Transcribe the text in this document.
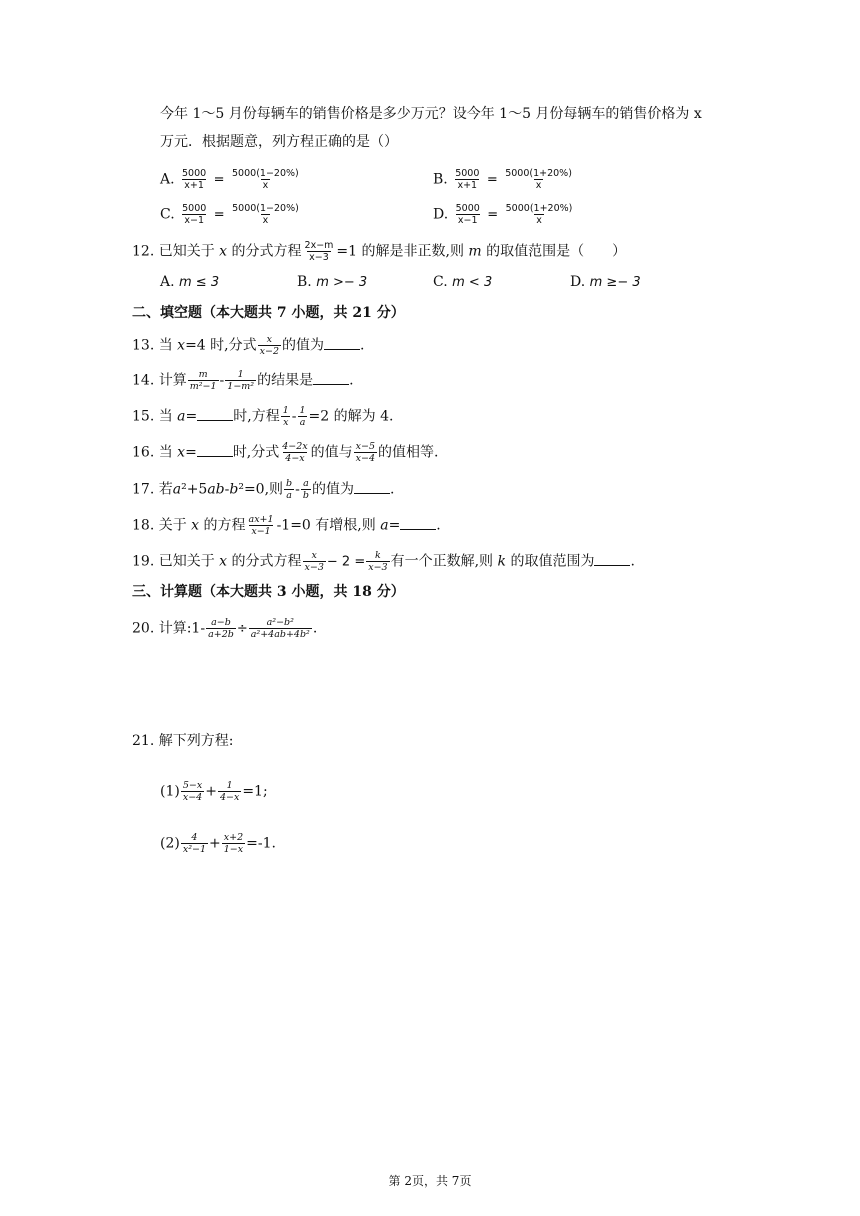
今年 1～5 月份每辆车的销售价格是多少万元？设今年 1～5 月份每辆车的销售价格为 x
万元．根据题意，列方程正确的是（）
A. $\frac{5000}{x+1} = \frac{5000(1-20\%)}{x}$	B. $\frac{5000}{x+1} = \frac{5000(1+20\%)}{x}$
C. $\frac{5000}{x-1} = \frac{5000(1-20\%)}{x}$	D. $\frac{5000}{x-1} = \frac{5000(1+20\%)}{x}$
12. 已知关于 x 的分式方程 $\frac{2x-m}{x-3} =1$ 的解是非正数,则 m 的取值范围是（　　）
A. m ≤ 3	B. m >− 3	C. m < 3	D. m ≥− 3
二、填空题（本大题共 7 小题，共 21 分）
13. 当 x=4 时,分式 $\frac{x}{x-2}$ 的值为	.
14. 计算 $\frac{m}{\text{m²−1}} - \frac{1}{\text{1−m²}}$ 的结果是	.
15. 当 a=	时,方程 $\frac{1}{x} - \frac{1}{a} =2$ 的解为 4.
16. 当 x=	时,分式 $\frac{4-2x}{4-x}$ 的值与 $\frac{x-5}{x-4}$ 的值相等.
17. 若a²+5ab-b²=0,则 $\frac{b}{a} - \frac{a}{b}$ 的值为	.
18. 关于 x 的方程 $\frac{ax+1}{x-1} -1=0$ 有增根,则 a=	.
19. 已知关于 x 的分式方程 $\frac{x}{x-3} - 2 = \frac{k}{x-3}$ 有一个正数解,则 k 的取值范围为	.
三、计算题（本大题共 3 小题，共 18 分）
20. 计算:1- $\frac{a-b}{a+2b} \div \frac{\text{a²−b²}}{\text{a²+4ab+4b²}}$ .
21. 解下列方程:
$(1) \frac{5-x}{x-4} + \frac{1}{4-x} =1$;
$(2) \frac{4}{\text{x²−1}} + \frac{x+2}{1-x} =-1$.
第 2页，共 7页
